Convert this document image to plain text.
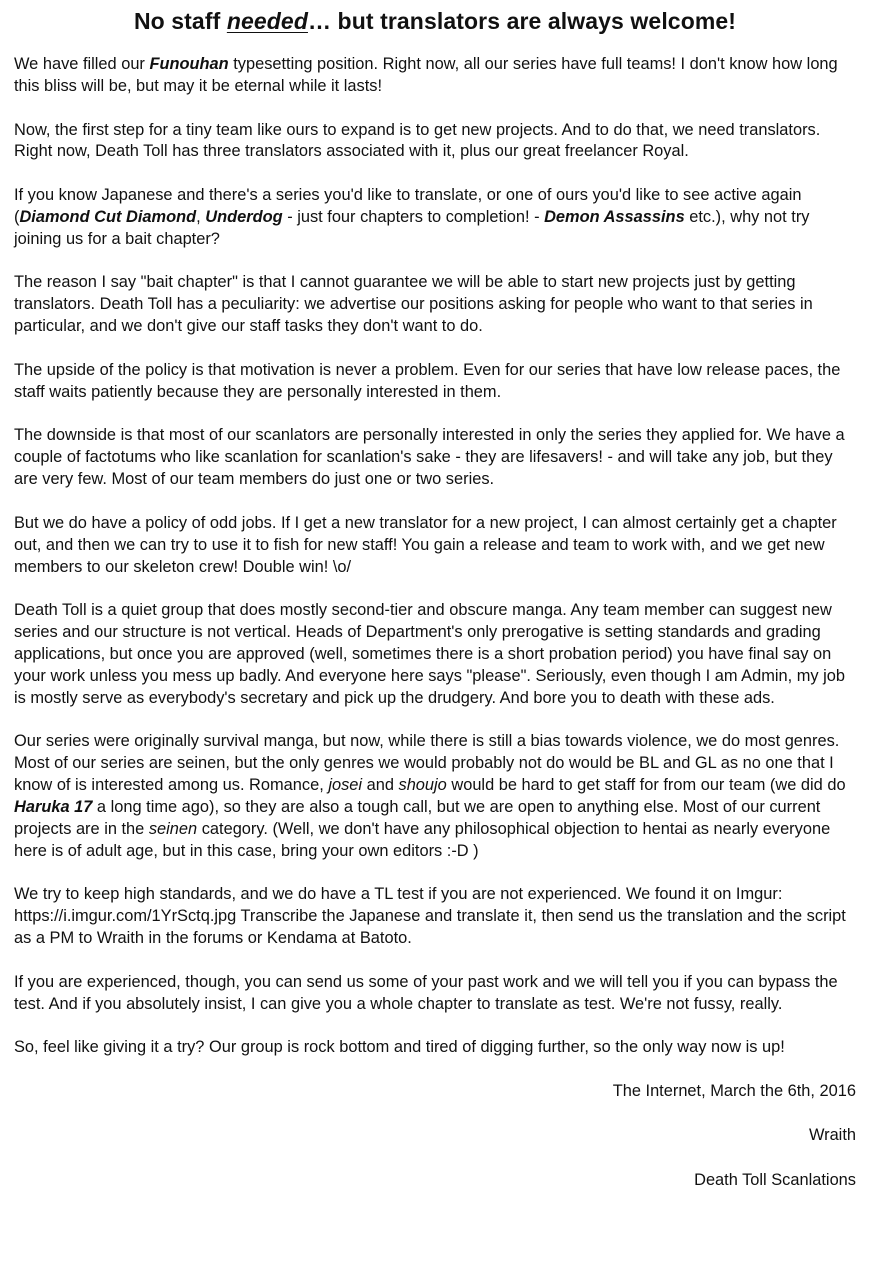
No staff needed… but translators are always welcome!

We have filled our Funouhan typesetting position. Right now, all our series have full teams! I don't know how long this bliss will be, but may it be eternal while it lasts!

Now, the first step for a tiny team like ours to expand is to get new projects. And to do that, we need translators. Right now, Death Toll has three translators associated with it, plus our great freelancer Royal.

If you know Japanese and there's a series you'd like to translate, or one of ours you'd like to see active again (Diamond Cut Diamond, Underdog - just four chapters to completion! - Demon Assassins etc.), why not try joining us for a bait chapter?

The reason I say "bait chapter" is that I cannot guarantee we will be able to start new projects just by getting translators. Death Toll has a peculiarity: we advertise our positions asking for people who want to that series in particular, and we don't give our staff tasks they don't want to do.

The upside of the policy is that motivation is never a problem. Even for our series that have low release paces, the staff waits patiently because they are personally interested in them.

The downside is that most of our scanlators are personally interested in only the series they applied for. We have a couple of factotums who like scanlation for scanlation's sake - they are lifesavers! - and will take any job, but they are very few. Most of our team members do just one or two series.

But we do have a policy of odd jobs. If I get a new translator for a new project, I can almost certainly get a chapter out, and then we can try to use it to fish for new staff! You gain a release and team to work with, and we get new members to our skeleton crew! Double win! \o/

Death Toll is a quiet group that does mostly second-tier and obscure manga. Any team member can suggest new series and our structure is not vertical. Heads of Department's only prerogative is setting standards and grading applications, but once you are approved (well, sometimes there is a short probation period) you have final say on your work unless you mess up badly. And everyone here says "please". Seriously, even though I am Admin, my job is mostly serve as everybody's secretary and pick up the drudgery. And bore you to death with these ads.

Our series were originally survival manga, but now, while there is still a bias towards violence, we do most genres. Most of our series are seinen, but the only genres we would probably not do would be BL and GL as no one that I know of is interested among us. Romance, josei and shoujo would be hard to get staff for from our team (we did do Haruka 17 a long time ago), so they are also a tough call, but we are open to anything else. Most of our current projects are in the seinen category. (Well, we don't have any philosophical objection to hentai as nearly everyone here is of adult age, but in this case, bring your own editors :-D )

We try to keep high standards, and we do have a TL test if you are not experienced. We found it on Imgur: https://i.imgur.com/1YrSctq.jpg Transcribe the Japanese and translate it, then send us the translation and the script as a PM to Wraith in the forums or Kendama at Batoto.

If you are experienced, though, you can send us some of your past work and we will tell you if you can bypass the test. And if you absolutely insist, I can give you a whole chapter to translate as test. We're not fussy, really.

So, feel like giving it a try? Our group is rock bottom and tired of digging further, so the only way now is up!

The Internet, March the 6th, 2016

Wraith

Death Toll Scanlations
